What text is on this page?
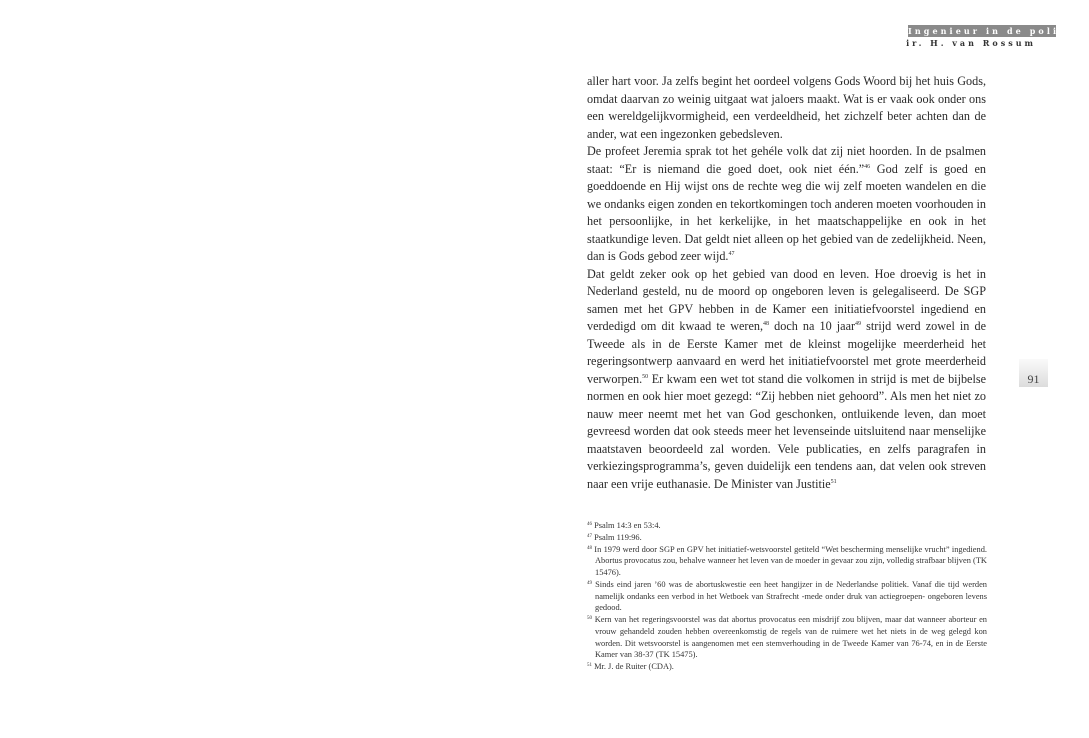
Ingenieur in de politiek
ir. H. van Rossum
91

aller hart voor. Ja zelfs begint het oordeel volgens Gods Woord bij het huis Gods, omdat daarvan zo weinig uitgaat wat jaloers maakt. Wat is er vaak ook onder ons een wereldgelijkvormigheid, een verdeeldheid, het zichzelf beter achten dan de ander, wat een ingezonken gebedsleven.

De profeet Jeremia sprak tot het gehéle volk dat zij niet hoorden. In de psalmen staat: “Er is niemand die goed doet, ook niet één.”$^{46}$ God zelf is goed en goeddoende en Hij wijst ons de rechte weg die wij zelf moeten wandelen en die we ondanks eigen zonden en tekortkomingen toch anderen moeten voorhouden in het persoonlijke, in het kerkelijke, in het maatschappelijke en ook in het staatkundige leven. Dat geldt niet alleen op het gebied van de zedelijkheid. Neen, dan is Gods gebod zeer wijd.$^{47}$

Dat geldt zeker ook op het gebied van dood en leven. Hoe droevig is het in Nederland gesteld, nu de moord op ongeboren leven is gelegaliseerd. De SGP samen met het GPV hebben in de Kamer een initiatiefvoorstel ingediend en verdedigd om dit kwaad te weren,$^{48}$ doch na 10 jaar$^{49}$ strijd werd zowel in de Tweede als in de Eerste Kamer met de kleinst mogelijke meerderheid het regeringsontwerp aanvaard en werd het initiatiefvoorstel met grote meerderheid verworpen.$^{50}$ Er kwam een wet tot stand die volkomen in strijd is met de bijbelse normen en ook hier moet gezegd: “Zij hebben niet gehoord”. Als men het niet zo nauw meer neemt met het van God geschonken, ontluikende leven, dan moet gevreesd worden dat ook steeds meer het levenseinde uitsluitend naar menselijke maatstaven beoordeeld zal worden. Vele publicaties, en zelfs paragrafen in verkiezingsprogramma’s, geven duidelijk een tendens aan, dat velen ook streven naar een vrije euthanasie. De Minister van Justitie$^{51}$

$^{46}$ Psalm 14:3 en 53:4.

$^{47}$ Psalm 119:96.

$^{48}$ In 1979 werd door SGP en GPV het initiatief-wetsvoorstel getiteld “Wet bescherming menselijke vrucht” ingediend. Abortus provocatus zou, behalve wanneer het leven van de moeder in gevaar zou zijn, volledig strafbaar blijven (TK 15476).

$^{49}$ Sinds eind jaren ’60 was de abortuskwestie een heet hangijzer in de Nederlandse politiek. Vanaf die tijd werden namelijk ondanks een verbod in het Wetboek van Strafrecht -mede onder druk van actiegroepen- ongeboren levens gedood.

$^{50}$ Kern van het regeringsvoorstel was dat abortus provocatus een misdrijf zou blijven, maar dat wanneer aborteur en vrouw gehandeld zouden hebben overeenkomstig de regels van de ruimere wet het niets in de weg gelegd kon worden. Dit wetsvoorstel is aangenomen met een stemverhouding in de Tweede Kamer van 76-74, en in de Eerste Kamer van 38-37 (TK 15475).

$^{51}$ Mr. J. de Ruiter (CDA).
